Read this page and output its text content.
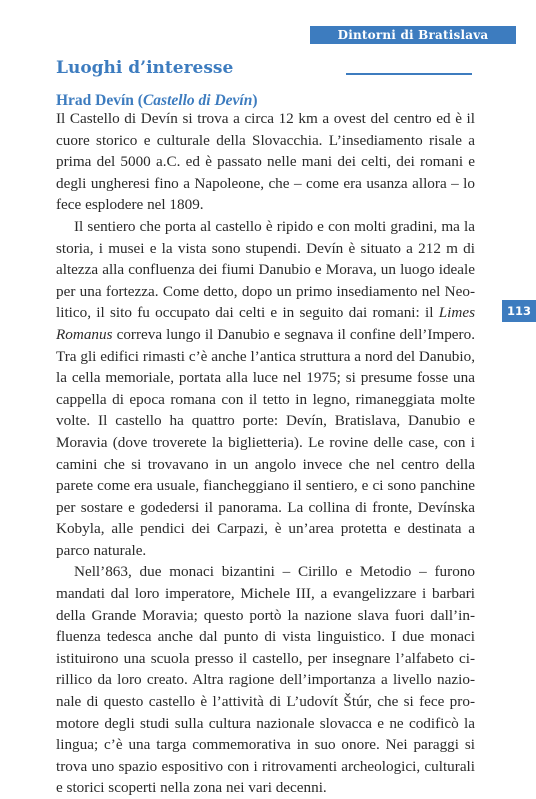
Dintorni di Bratislava
Luoghi d’interesse
Hrad Devín (Castello di Devín)

Il Castello di Devín si trova a circa 12 km a ovest del centro ed è il cuore storico e culturale della Slovacchia. L’insediamento risale a prima del 5000 a.C. ed è passato nelle mani dei celti, dei romani e degli ungheresi fino a Napoleone, che – come era usanza allora – lo fece esplodere nel 1809.

Il sentiero che porta al castello è ripido e con molti gradini, ma la storia, i musei e la vista sono stupendi. Devín è situato a 212 m di altezza alla confluenza dei fiumi Danubio e Morava, un luogo ideale per una fortezza. Come detto, dopo un primo insediamento nel Neolitico, il sito fu occupato dai celti e in seguito dai romani: il Limes Romanus correva lungo il Danubio e segnava il confine dell’Impero. Tra gli edifici rimasti c’è anche l’antica struttura a nord del Danubio, la cella memoriale, portata alla luce nel 1975; si presume fosse una cappella di epoca romana con il tetto in legno, rimaneggiata molte volte. Il castello ha quattro porte: Devín, Bratislava, Danubio e Moravia (dove troverete la biglietteria). Le rovine delle case, con i camini che si trovavano in un angolo invece che nel centro della parete come era usuale, fiancheggiano il sentiero, e ci sono panchine per sostare e godedersi il panorama. La collina di fronte, Devínska Kobyla, alle pendici dei Carpazi, è un’area protetta e destinata a parco naturale.

Nell’863, due monaci bizantini – Cirillo e Metodio – furono mandati dal loro imperatore, Michele III, a evangelizzare i barbari della Grande Moravia; questo portò la nazione slava fuori dall’influenza tedesca anche dal punto di vista linguistico. I due monaci istituirono una scuola presso il castello, per insegnare l’alfabeto cirillico da loro creato. Altra ragione dell’importanza a livello nazionale di questo castello è l’attività di L’udovít Štúr, che si fece promotore degli studi sulla cultura nazionale slovacca e ne codificò la lingua; c’è una targa commemorativa in suo onore. Nei paraggi si trova uno spazio espositivo con i ritrovamenti archeologici, culturali e storici scoperti nella zona nei vari decenni.

113
